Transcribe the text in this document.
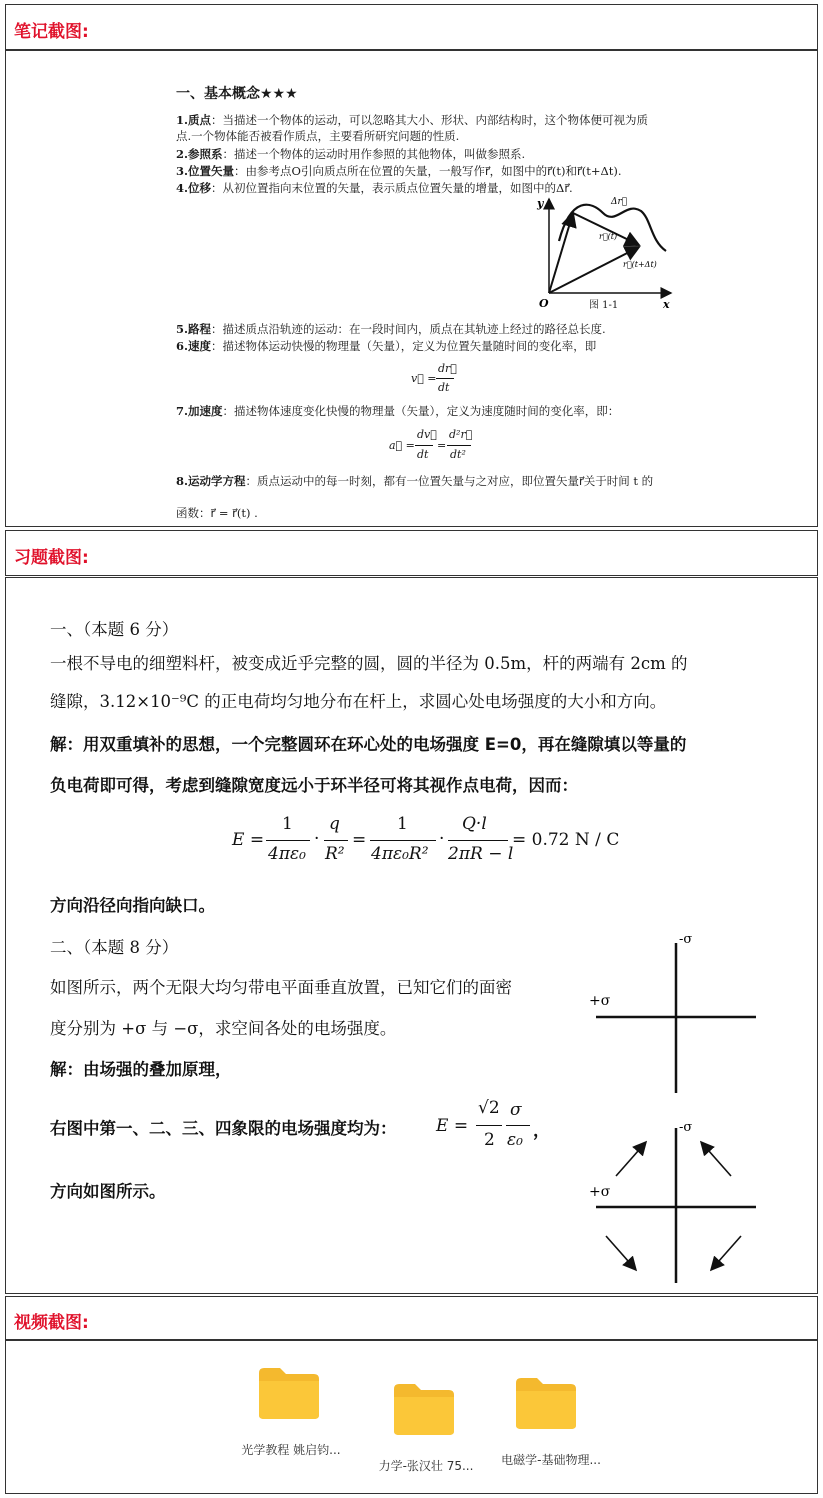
笔记截图:
一、基本概念★★★
1.质点：当描述一个物体的运动，可以忽略其大小、形状、内部结构时，这个物体便可视为质
点.一个物体能否被看作质点，主要看所研究问题的性质.
2.参照系：描述一个物体的运动时用作参照的其他物体，叫做参照系.
3.位置矢量：由参考点O引向质点所在位置的矢量，一般写作r⃗，如图中的r⃗(t)和r⃗(t+Δt).
4.位移：从初位置指向末位置的矢量，表示质点位置矢量的增量，如图中的Δr⃗.
y
x
O
Δr⃗
r⃗(t)
r⃗(t+Δt)
图 1-1
5.路程：描述质点沿轨迹的运动：在一段时间内，质点在其轨迹上经过的路径总长度.
6.速度：描述物体运动快慢的物理量（矢量），定义为位置矢量随时间的变化率，即
v⃗ =
dr⃗
dt
7.加速度：描述物体速度变化快慢的物理量（矢量），定义为速度随时间的变化率，即：
a⃗ =
dv⃗
dt
=
d²r⃗
dt²
8.运动学方程：质点运动中的每一时刻，都有一位置矢量与之对应，即位置矢量r⃗关于时间 t 的
函数：r⃗ = r⃗(t) .
习题截图:
一、（本题 6 分）
一根不导电的细塑料杆，被变成近乎完整的圆，圆的半径为 0.5m，杆的两端有 2cm 的
缝隙，3.12×10⁻⁹C 的正电荷均匀地分布在杆上，求圆心处电场强度的大小和方向。
解：用双重填补的思想，一个完整圆环在环心处的电场强度 E=0，再在缝隙填以等量的
负电荷即可得，考虑到缝隙宽度远小于环半径可将其视作点电荷，因而：
E =
1
4πε₀
·
q
R²
=
1
4πε₀R²
·
Q·l
2πR − l
= 0.72 N / C
方向沿径向指向缺口。
二、（本题 8 分）
如图所示，两个无限大均匀带电平面垂直放置，已知它们的面密
度分别为 +σ 与 −σ，求空间各处的电场强度。
解：由场强的叠加原理，
右图中第一、二、三、四象限的电场强度均为： E =
√2
2
σ
ε₀ ，
方向如图所示。
-σ
+σ
-σ
+σ
视频截图:
光学教程 姚启钧...
力学-张汉壮 75...	电磁学-基础物理...
